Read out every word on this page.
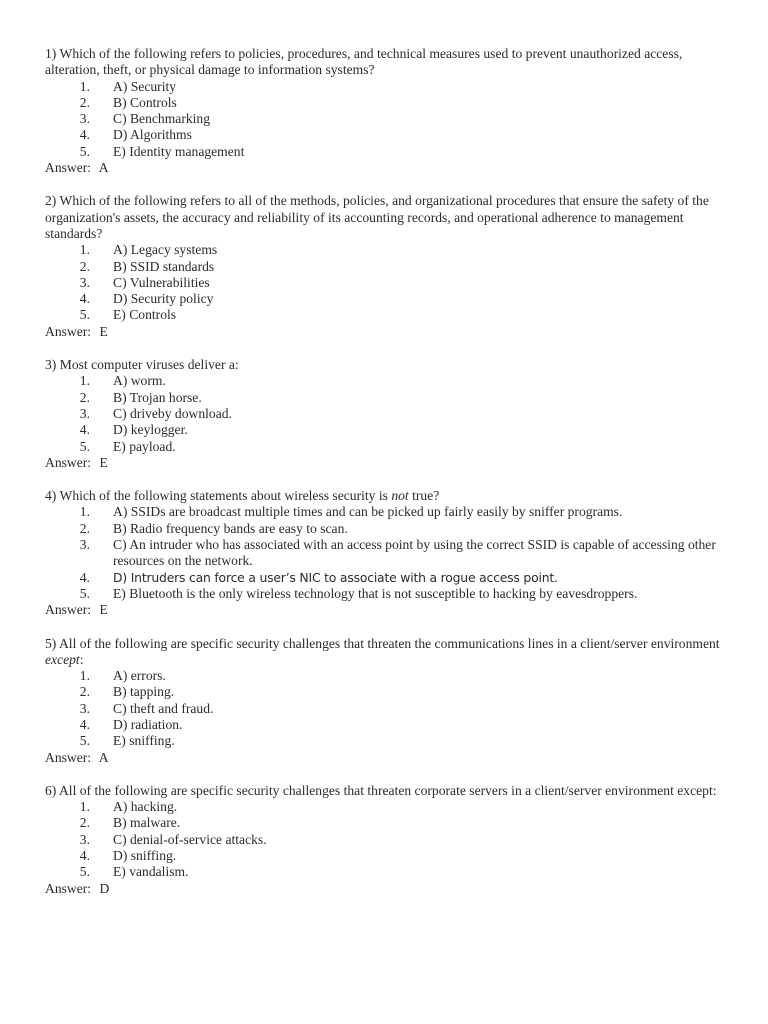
1) Which of the following refers to policies, procedures, and technical measures used to prevent unauthorized access, alteration, theft, or physical damage to information systems?

1. A) Security
2. B) Controls
3. C) Benchmarking
4. D) Algorithms
5. E) Identity management

Answer: A

2) Which of the following refers to all of the methods, policies, and organizational procedures that ensure the safety of the organization's assets, the accuracy and reliability of its accounting records, and operational adherence to management standards?

1. A) Legacy systems
2. B) SSID standards
3. C) Vulnerabilities
4. D) Security policy
5. E) Controls

Answer: E

3) Most computer viruses deliver a:

1. A) worm.
2. B) Trojan horse.
3. C) driveby download.
4. D) keylogger.
5. E) payload.

Answer: E

4) Which of the following statements about wireless security is not true?

1. A) SSIDs are broadcast multiple times and can be picked up fairly easily by sniffer programs.
2. B) Radio frequency bands are easy to scan.
3. C) An intruder who has associated with an access point by using the correct SSID is capable of accessing other resources on the network.
4. D) Intruders can force a user’s NIC to associate with a rogue access point.
5. E) Bluetooth is the only wireless technology that is not susceptible to hacking by eavesdroppers.

Answer: E

5) All of the following are specific security challenges that threaten the communications lines in a client/server environment except:

1. A) errors.
2. B) tapping.
3. C) theft and fraud.
4. D) radiation.
5. E) sniffing.

Answer: A

6) All of the following are specific security challenges that threaten corporate servers in a client/server environment except:

1. A) hacking.
2. B) malware.
3. C) denial-of-service attacks.
4. D) sniffing.
5. E) vandalism.

Answer: D
